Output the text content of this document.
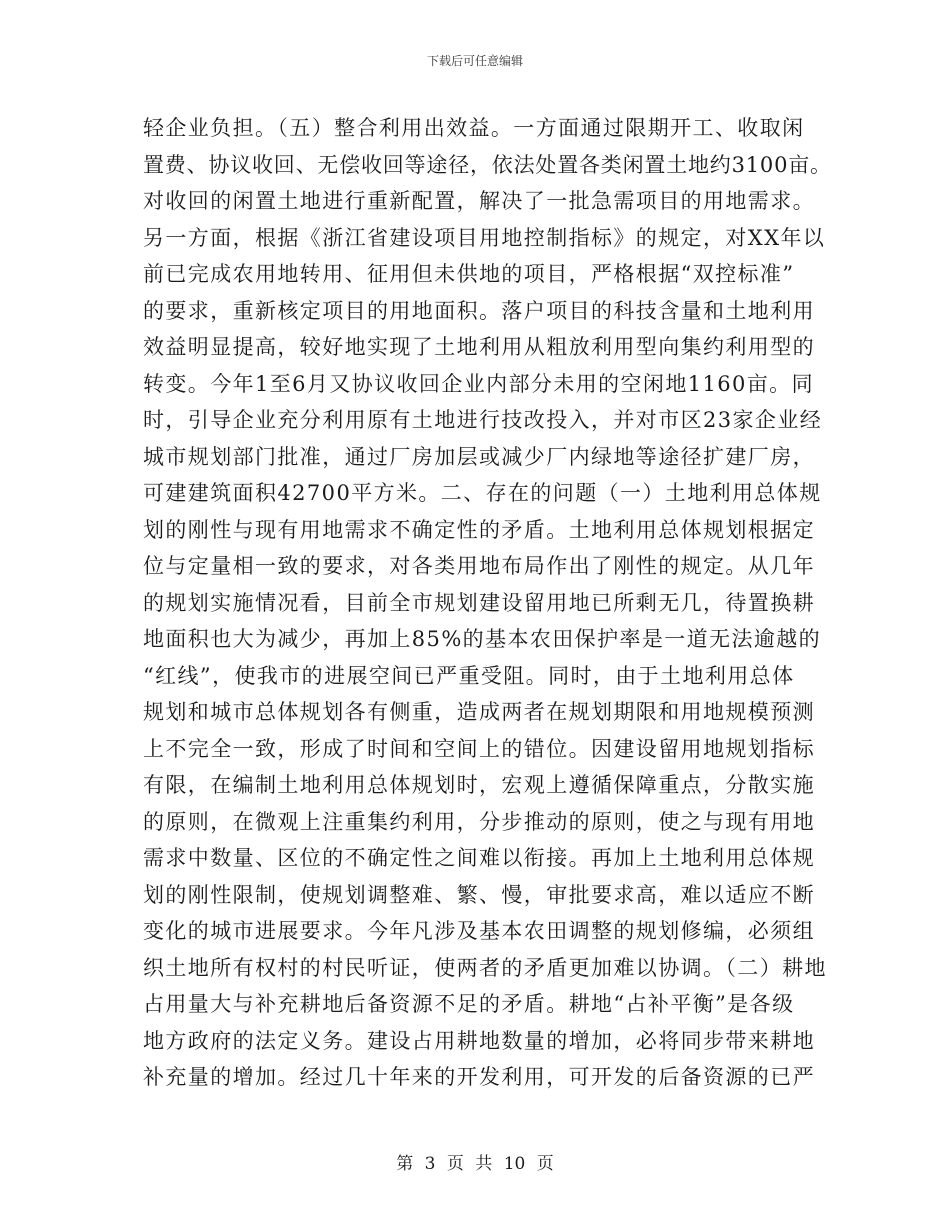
下载后可任意编辑
轻企业负担。（五）整合利用出效益。一方面通过限期开工、收取闲
置费、协议收回、无偿收回等途径，依法处置各类闲置土地约3100亩。
对收回的闲置土地进行重新配置，解决了一批急需项目的用地需求。
另一方面，根据《浙江省建设项目用地控制指标》的规定，对XX年以
前已完成农用地转用、征用但未供地的项目，严格根据“双控标准”
的要求，重新核定项目的用地面积。落户项目的科技含量和土地利用
效益明显提高，较好地实现了土地利用从粗放利用型向集约利用型的
转变。今年1至6月又协议收回企业内部分未用的空闲地1160亩。同
时，引导企业充分利用原有土地进行技改投入，并对市区23家企业经
城市规划部门批准，通过厂房加层或减少厂内绿地等途径扩建厂房，
可建建筑面积42700平方米。二、存在的问题（一）土地利用总体规
划的刚性与现有用地需求不确定性的矛盾。土地利用总体规划根据定
位与定量相一致的要求，对各类用地布局作出了刚性的规定。从几年
的规划实施情况看，目前全市规划建设留用地已所剩无几，待置换耕
地面积也大为减少，再加上85%的基本农田保护率是一道无法逾越的
“红线”，使我市的进展空间已严重受阻。同时，由于土地利用总体
规划和城市总体规划各有侧重，造成两者在规划期限和用地规模预测
上不完全一致，形成了时间和空间上的错位。因建设留用地规划指标
有限，在编制土地利用总体规划时，宏观上遵循保障重点，分散实施
的原则，在微观上注重集约利用，分步推动的原则，使之与现有用地
需求中数量、区位的不确定性之间难以衔接。再加上土地利用总体规
划的刚性限制，使规划调整难、繁、慢，审批要求高，难以适应不断
变化的城市进展要求。今年凡涉及基本农田调整的规划修编，必须组
织土地所有权村的村民听证，使两者的矛盾更加难以协调。（二）耕地
占用量大与补充耕地后备资源不足的矛盾。耕地“占补平衡”是各级
地方政府的法定义务。建设占用耕地数量的增加，必将同步带来耕地
补充量的增加。经过几十年来的开发利用，可开发的后备资源的已严
第 3 页 共 10 页
